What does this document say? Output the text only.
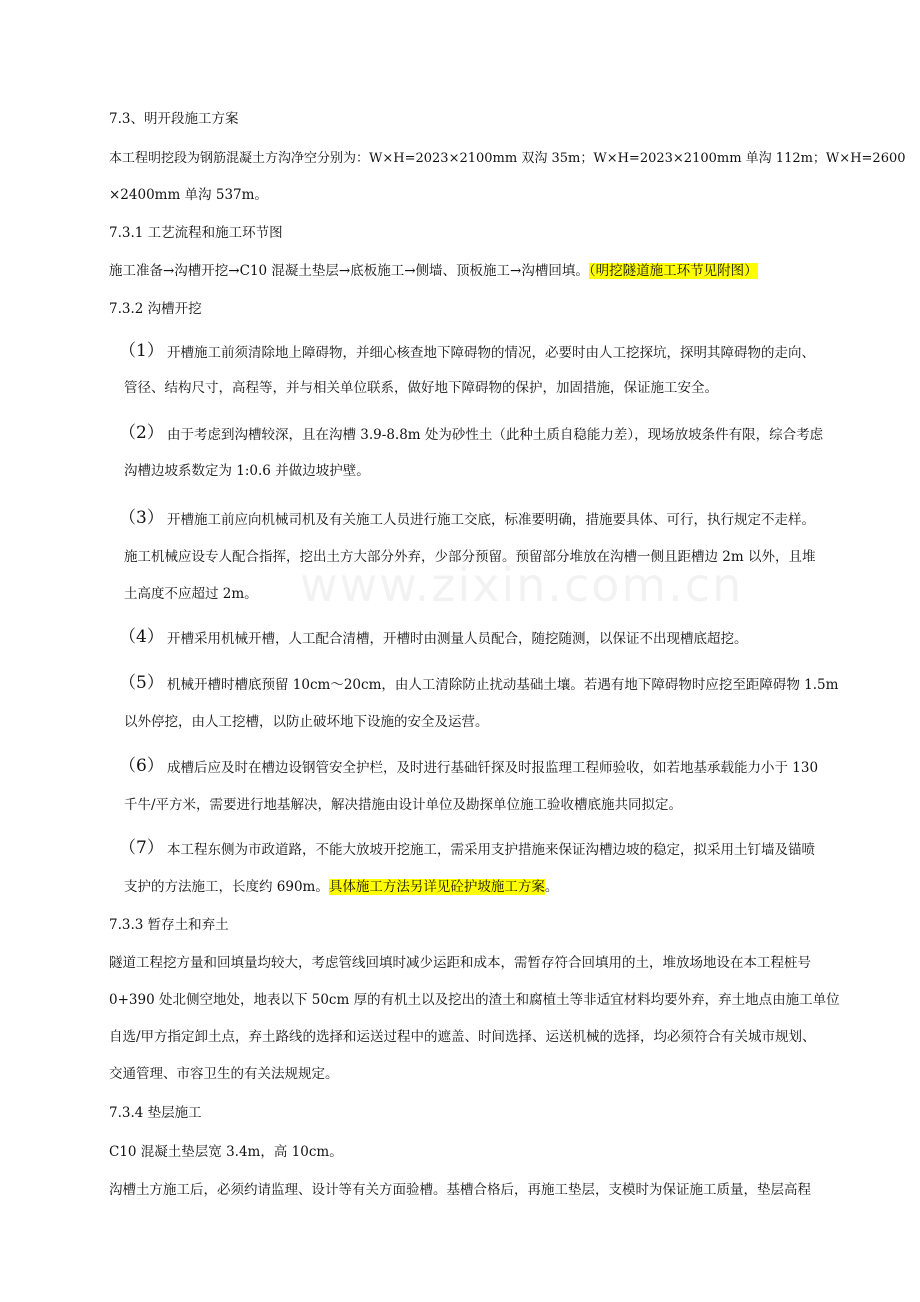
www.zixin.com.cn
7.3、明开段施工方案
本工程明挖段为钢筋混凝土方沟净空分别为：W×H=2023×2100mm 双沟 35m；W×H=2023×2100mm 单沟 112m；W×H=2600
×2400mm 单沟 537m。
7.3.1 工艺流程和施工环节图
施工准备→沟槽开挖→C10 混凝土垫层→底板施工→侧墙、顶板施工→沟槽回填。（明挖隧道施工环节见附图）
7.3.2 沟槽开挖
（1） 开槽施工前须清除地上障碍物，并细心核查地下障碍物的情况，必要时由人工挖探坑，探明其障碍物的走向、
管径、结构尺寸，高程等，并与相关单位联系，做好地下障碍物的保护，加固措施，保证施工安全。
（2） 由于考虑到沟槽较深，且在沟槽 3.9-8.8m 处为砂性土（此种土质自稳能力差），现场放坡条件有限，综合考虑
沟槽边坡系数定为 1:0.6 并做边坡护壁。
（3） 开槽施工前应向机械司机及有关施工人员进行施工交底，标准要明确，措施要具体、可行，执行规定不走样。
施工机械应设专人配合指挥，挖出土方大部分外弃，少部分预留。预留部分堆放在沟槽一侧且距槽边 2m 以外，且堆
土高度不应超过 2m。
（4） 开槽采用机械开槽，人工配合清槽，开槽时由测量人员配合，随挖随测，以保证不出现槽底超挖。
（5） 机械开槽时槽底预留 10cm～20cm，由人工清除防止扰动基础土壤。若遇有地下障碍物时应挖至距障碍物 1.5m
以外停挖，由人工挖槽，以防止破坏地下设施的安全及运营。
（6） 成槽后应及时在槽边设钢管安全护栏，及时进行基础钎探及时报监理工程师验收，如若地基承载能力小于 130
千牛/平方米，需要进行地基解决，解决措施由设计单位及勘探单位施工验收槽底施共同拟定。
（7） 本工程东侧为市政道路，不能大放坡开挖施工，需采用支护措施来保证沟槽边坡的稳定，拟采用土钉墙及锚喷
支护的方法施工，长度约 690m。具体施工方法另详见砼护坡施工方案。
7.3.3 暂存土和弃土
隧道工程挖方量和回填量均较大，考虑管线回填时减少运距和成本，需暂存符合回填用的土，堆放场地设在本工程桩号
0+390 处北侧空地处，地表以下 50cm 厚的有机土以及挖出的渣土和腐植土等非适宜材料均要外弃，弃土地点由施工单位
自选/甲方指定卸土点，弃土路线的选择和运送过程中的遮盖、时间选择、运送机械的选择，均必须符合有关城市规划、
交通管理、市容卫生的有关法规规定。
7.3.4 垫层施工
C10 混凝土垫层宽 3.4m，高 10cm。
沟槽土方施工后，必须约请监理、设计等有关方面验槽。基槽合格后，再施工垫层，支模时为保证施工质量，垫层高程
